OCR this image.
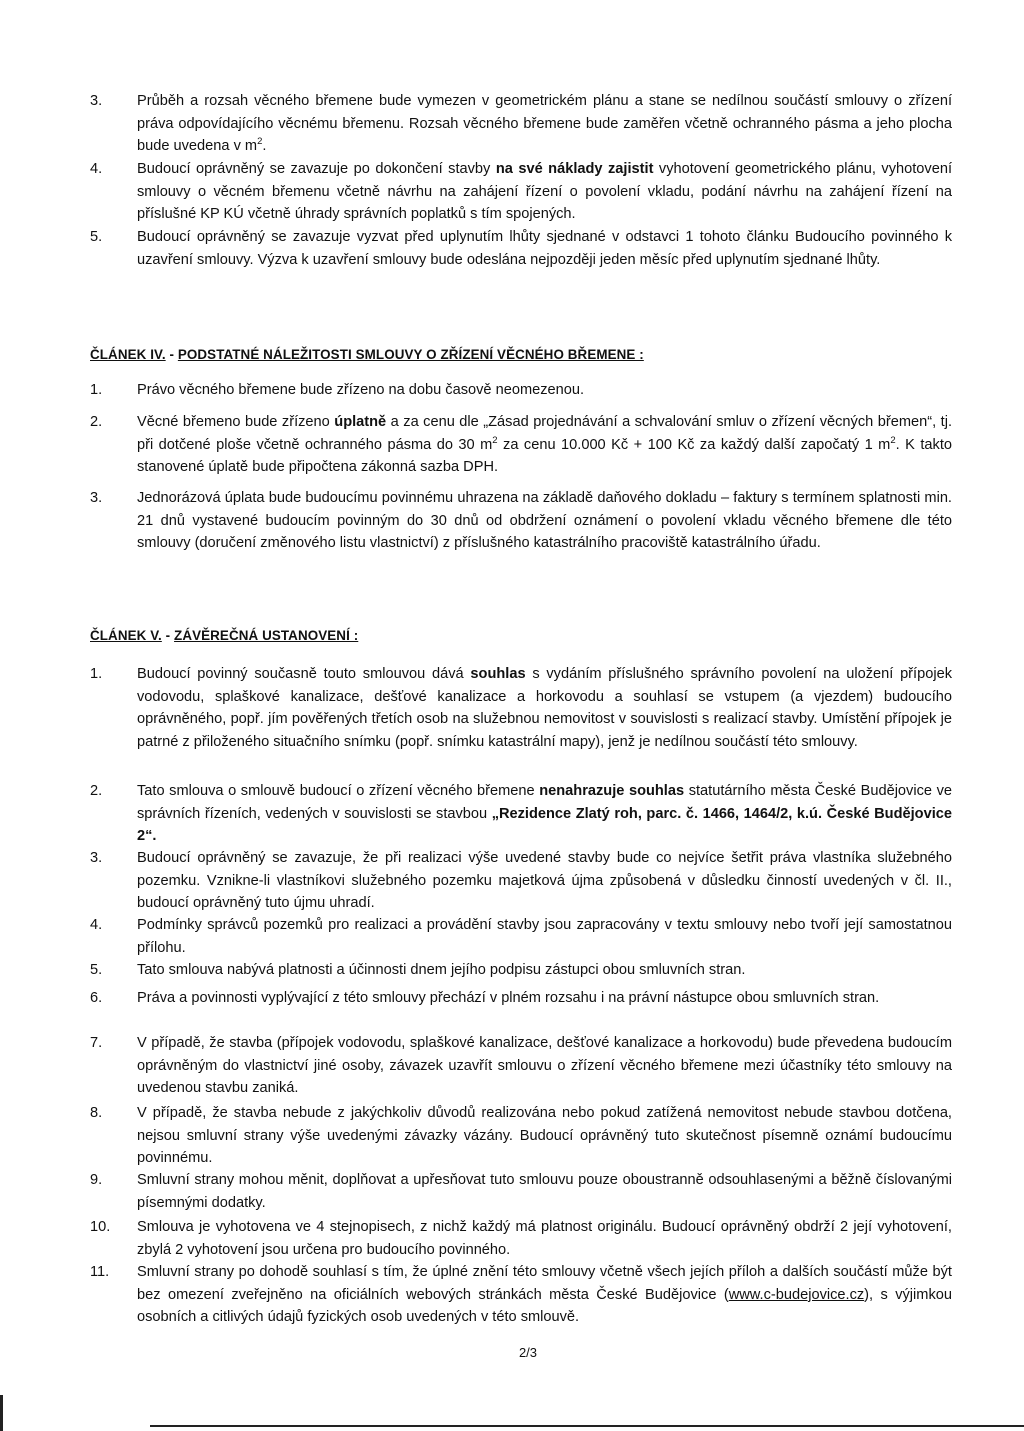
3. Průběh a rozsah věcného břemene bude vymezen v geometrickém plánu a stane se nedílnou součástí smlouvy o zřízení práva odpovídajícího věcnému břemenu. Rozsah věcného břemene bude zaměřen včetně ochranného pásma a jeho plocha bude uvedena v $m^2$.
4. Budoucí oprávněný se zavazuje po dokončení stavby na své náklady zajistit vyhotovení geometrického plánu, vyhotovení smlouvy o věcném břemenu včetně návrhu na zahájení řízení o povolení vkladu, podání návrhu na zahájení řízení na příslušné KP KÚ včetně úhrady správních poplatků s tím spojených.
5. Budoucí oprávněný se zavazuje vyzvat před uplynutím lhůty sjednané v odstavci 1 tohoto článku Budoucího povinného k uzavření smlouvy. Výzva k uzavření smlouvy bude odeslána nejpozději jeden měsíc před uplynutím sjednané lhůty.
ČLÁNEK IV. - PODSTATNÉ NÁLEŽITOSTI SMLOUVY O ZŘÍZENÍ VĚCNÉHO BŘEMENE :
1. Právo věcného břemene bude zřízeno na dobu časově neomezenou.
2. Věcné břemeno bude zřízeno úplatně a za cenu dle „Zásad projednávání a schvalování smluv o zřízení věcných břemen“, tj. při dotčené ploše včetně ochranného pásma do 30 $m^2$ za cenu 10.000 Kč + 100 Kč za každý další započatý 1 $m^2$. K takto stanovené úplatě bude připočtena zákonná sazba DPH.
3. Jednorázová úplata bude budoucímu povinnému uhrazena na základě daňového dokladu – faktury s termínem splatnosti min. 21 dnů vystavené budoucím povinným do 30 dnů od obdržení oznámení o povolení vkladu věcného břemene dle této smlouvy (doručení změnového listu vlastnictví) z příslušného katastrálního pracoviště katastrálního úřadu.
ČLÁNEK V. - ZÁVĚREČNÁ USTANOVENÍ :
1. Budoucí povinný současně touto smlouvou dává souhlas s vydáním příslušného správního povolení na uložení přípojek vodovodu, splaškové kanalizace, dešťové kanalizace a horkovodu a souhlasí se vstupem (a vjezdem) budoucího oprávněného, popř. jím pověřených třetích osob na služebnou nemovitost v souvislosti s realizací stavby. Umístění přípojek je patrné z přiloženého situačního snímku (popř. snímku katastrální mapy), jenž je nedílnou součástí této smlouvy.
2. Tato smlouva o smlouvě budoucí o zřízení věcného břemene nenahrazuje souhlas statutárního města České Budějovice ve správních řízeních, vedených v souvislosti se stavbou „Rezidence Zlatý roh, parc. č. 1466, 1464/2, k.ú. České Budějovice 2“.
3. Budoucí oprávněný se zavazuje, že při realizaci výše uvedené stavby bude co nejvíce šetřit práva vlastníka služebného pozemku. Vznikne-li vlastníkovi služebného pozemku majetková újma způsobená v důsledku činností uvedených v čl. II., budoucí oprávněný tuto újmu uhradí.
4. Podmínky správců pozemků pro realizaci a provádění stavby jsou zapracovány v textu smlouvy nebo tvoří její samostatnou přílohu.
5. Tato smlouva nabývá platnosti a účinnosti dnem jejího podpisu zástupci obou smluvních stran.
6. Práva a povinnosti vyplývající z této smlouvy přechází v plném rozsahu i na právní nástupce obou smluvních stran.
7. V případě, že stavba (přípojek vodovodu, splaškové kanalizace, dešťové kanalizace a horkovodu) bude převedena budoucím oprávněným do vlastnictví jiné osoby, závazek uzavřít smlouvu o zřízení věcného břemene mezi účastníky této smlouvy na uvedenou stavbu zaniká.
8. V případě, že stavba nebude z jakýchkoliv důvodů realizována nebo pokud zatížená nemovitost nebude stavbou dotčena, nejsou smluvní strany výše uvedenými závazky vázány. Budoucí oprávněný tuto skutečnost písemně oznámí budoucímu povinnému.
9. Smluvní strany mohou měnit, doplňovat a upřesňovat tuto smlouvu pouze oboustranně odsouhlasenými a běžně číslovanými písemnými dodatky.
10. Smlouva je vyhotovena ve 4 stejnopisech, z nichž každý má platnost originálu. Budoucí oprávněný obdrží 2 její vyhotovení, zbylá 2 vyhotovení jsou určena pro budoucího povinného.
11. Smluvní strany po dohodě souhlasí s tím, že úplné znění této smlouvy včetně všech jejích příloh a dalších součástí může být bez omezení zveřejněno na oficiálních webových stránkách města České Budějovice (www.c-budejovice.cz), s výjimkou osobních a citlivých údajů fyzických osob uvedených v této smlouvě.
2/3
